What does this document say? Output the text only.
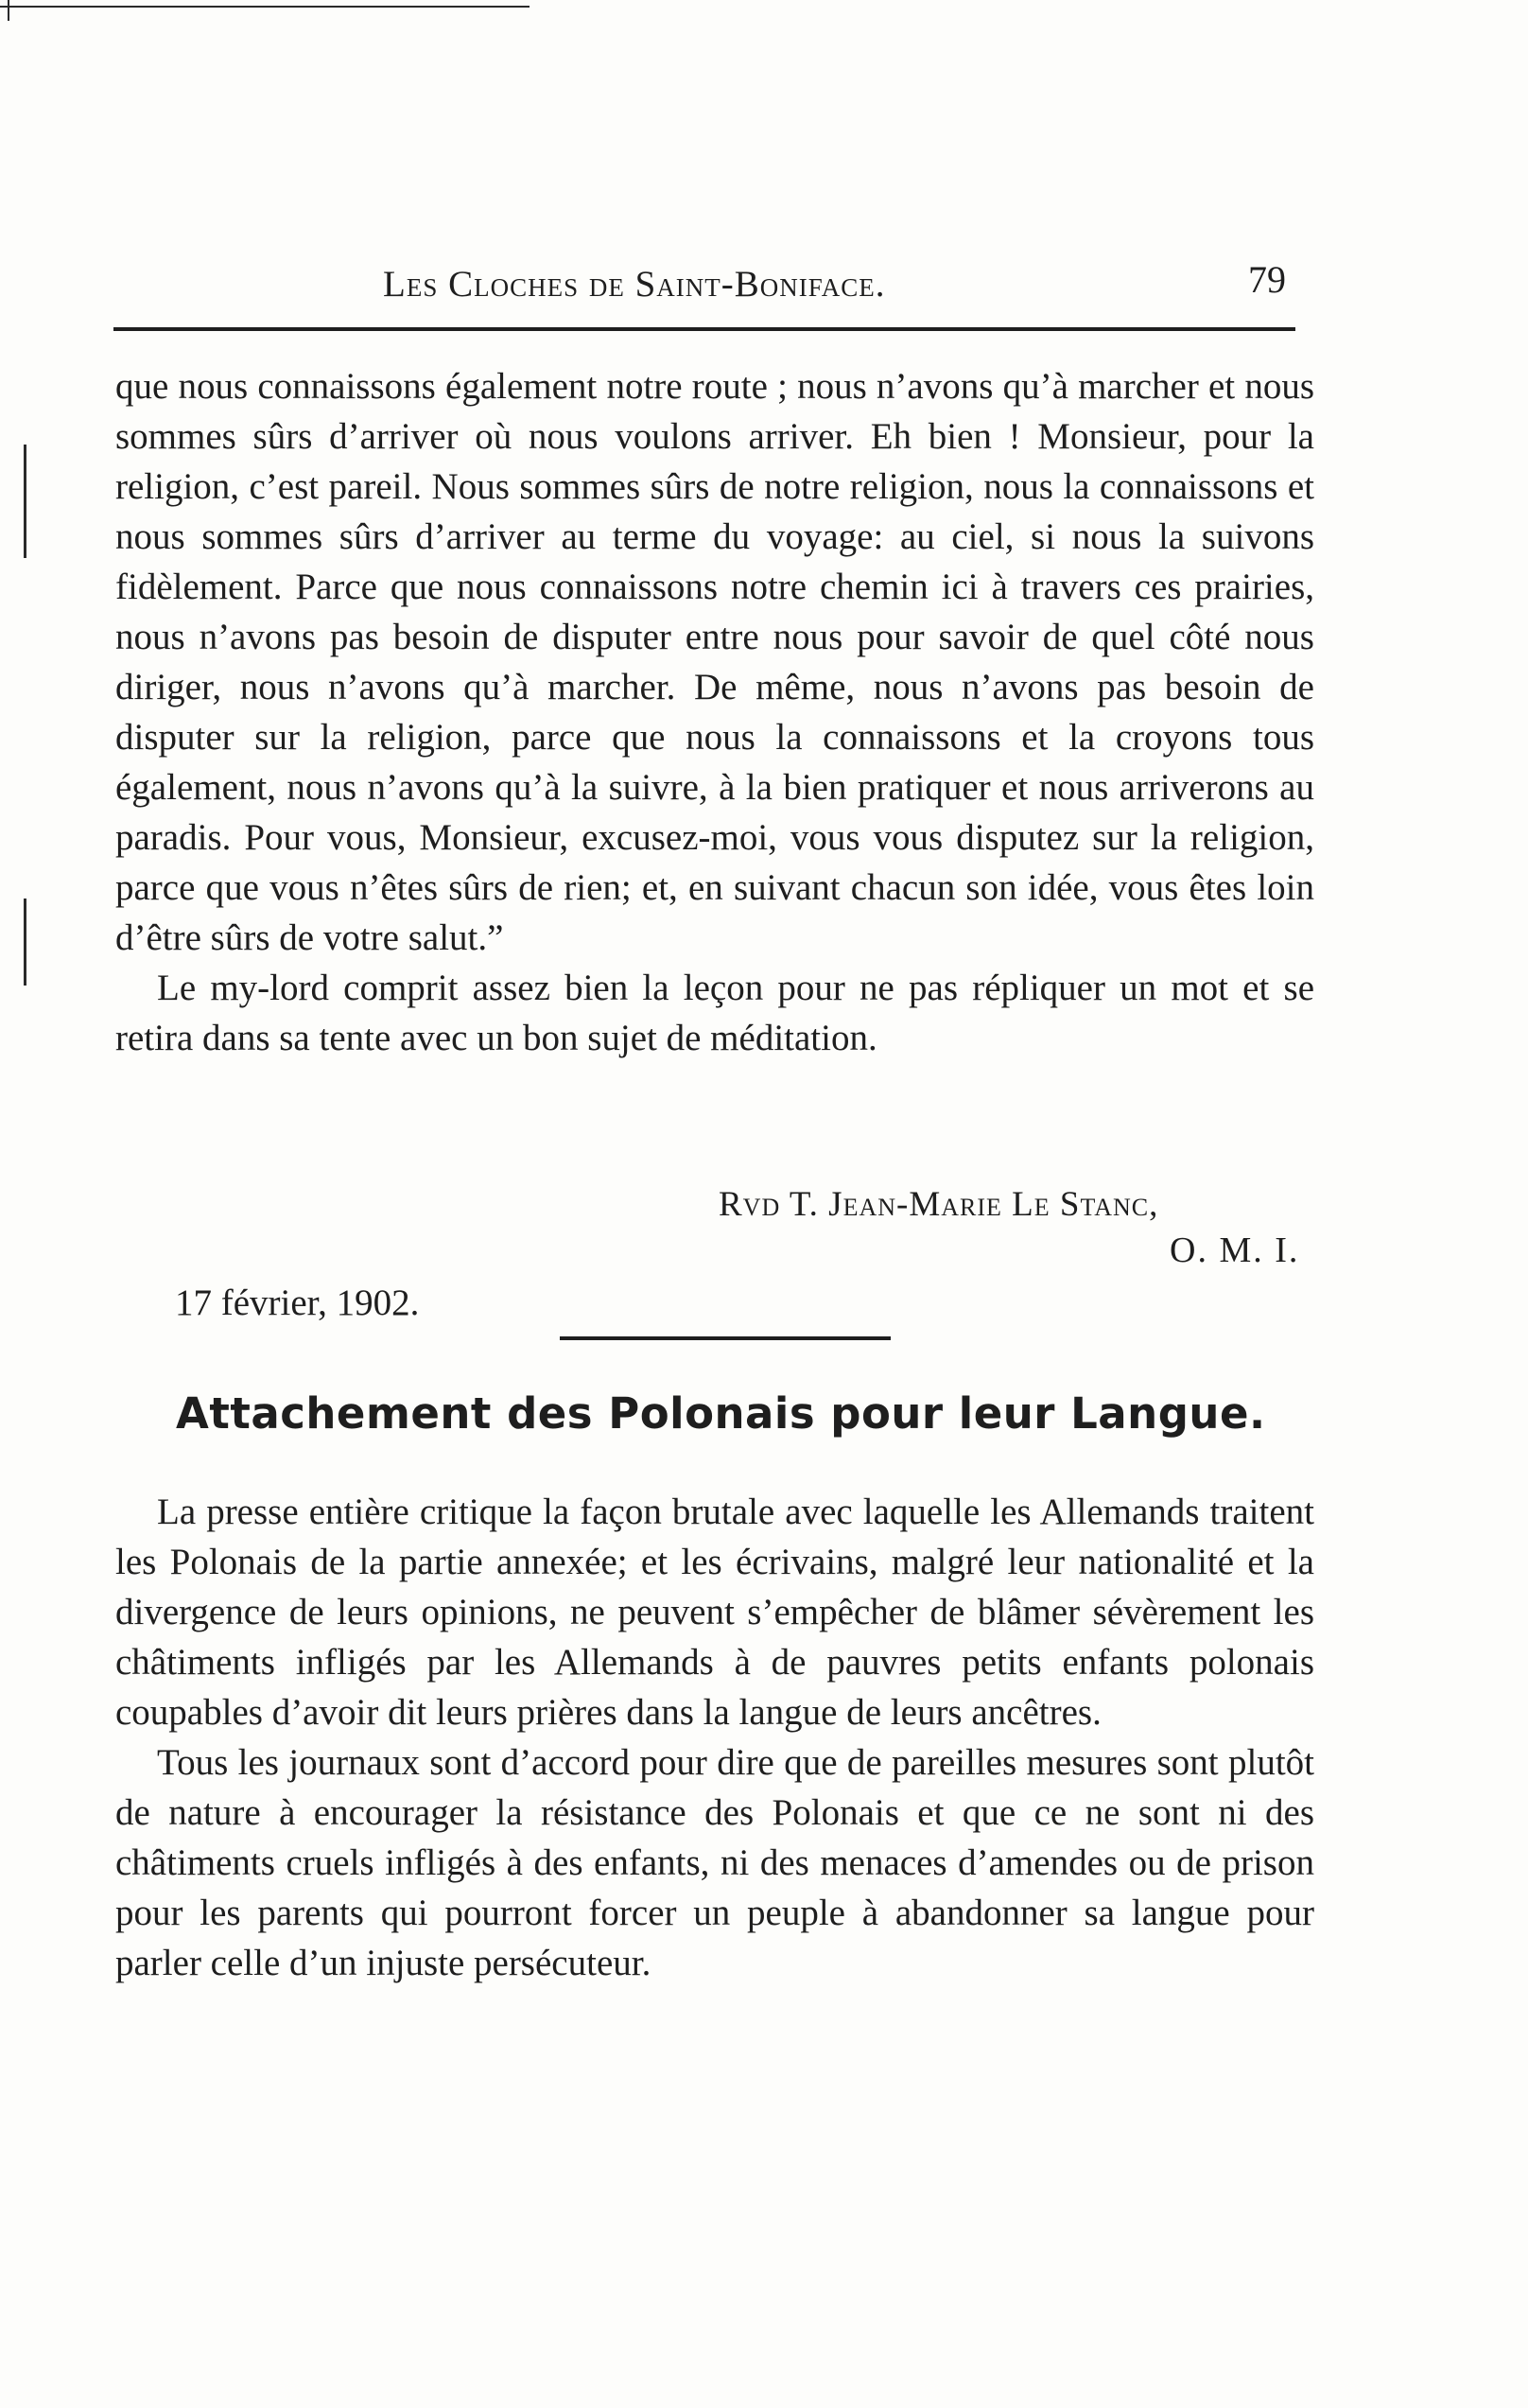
Les Cloches de Saint-Boniface.	79

que nous connaissons également notre route ; nous n’avons qu’à marcher et nous sommes sûrs d’arriver où nous voulons arriver. Eh bien ! Monsieur, pour la religion, c’est pareil. Nous sommes sûrs de notre religion, nous la connaissons et nous sommes sûrs d’arriver au terme du voyage: au ciel, si nous la suivons fidèlement. Parce que nous connaissons notre chemin ici à travers ces prairies, nous n’avons pas besoin de disputer entre nous pour savoir de quel côté nous diriger, nous n’avons qu’à marcher. De même, nous n’avons pas besoin de disputer sur la religion, parce que nous la connaissons et la croyons tous également, nous n’avons qu’à la suivre, à la bien pratiquer et nous arriverons au paradis. Pour vous, Monsieur, excusez-moi, vous vous disputez sur la religion, parce que vous n’êtes sûrs de rien; et, en suivant chacun son idée, vous êtes loin d’être sûrs de votre salut.”

Le my-lord comprit assez bien la leçon pour ne pas répliquer un mot et se retira dans sa tente avec un bon sujet de méditation.

Rvd T. Jean-Marie Le Stanc,
O. M. I.
17 février, 1902.
Attachement des Polonais pour leur Langue.

La presse entière critique la façon brutale avec laquelle les Allemands traitent les Polonais de la partie annexée; et les écrivains, malgré leur nationalité et la divergence de leurs opinions, ne peuvent s’empêcher de blâmer sévèrement les châtiments infligés par les Allemands à de pauvres petits enfants polonais coupables d’avoir dit leurs prières dans la langue de leurs ancêtres.

Tous les journaux sont d’accord pour dire que de pareilles mesures sont plutôt de nature à encourager la résistance des Polonais et que ce ne sont ni des châtiments cruels infligés à des enfants, ni des menaces d’amendes ou de prison pour les parents qui pourront forcer un peuple à abandonner sa langue pour parler celle d’un injuste persécuteur.
